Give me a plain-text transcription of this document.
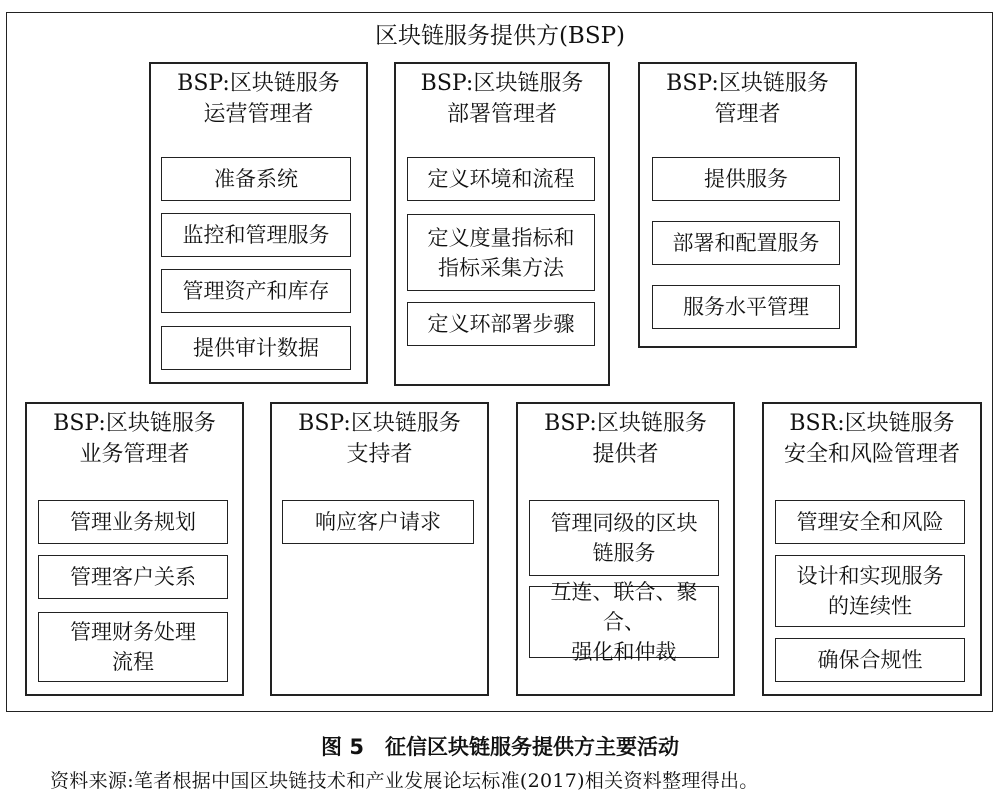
区块链服务提供方(BSP)
BSP:区块链服务
运营管理者
准备系统
监控和管理服务
管理资产和库存
提供审计数据
BSP:区块链服务
部署管理者
定义环境和流程
定义度量指标和
指标采集方法
定义环部署步骤
BSP:区块链服务
管理者
提供服务
部署和配置服务
服务水平管理
BSP:区块链服务
业务管理者
管理业务规划
管理客户关系
管理财务处理
流程
BSP:区块链服务
支持者
响应客户请求
BSP:区块链服务
提供者
管理同级的区块
链服务
互连、联合、聚合、
强化和仲裁
BSR:区块链服务
安全和风险管理者
管理安全和风险
设计和实现服务
的连续性
确保合规性
图 5　征信区块链服务提供方主要活动
资料来源:笔者根据中国区块链技术和产业发展论坛标准(2017)相关资料整理得出。
